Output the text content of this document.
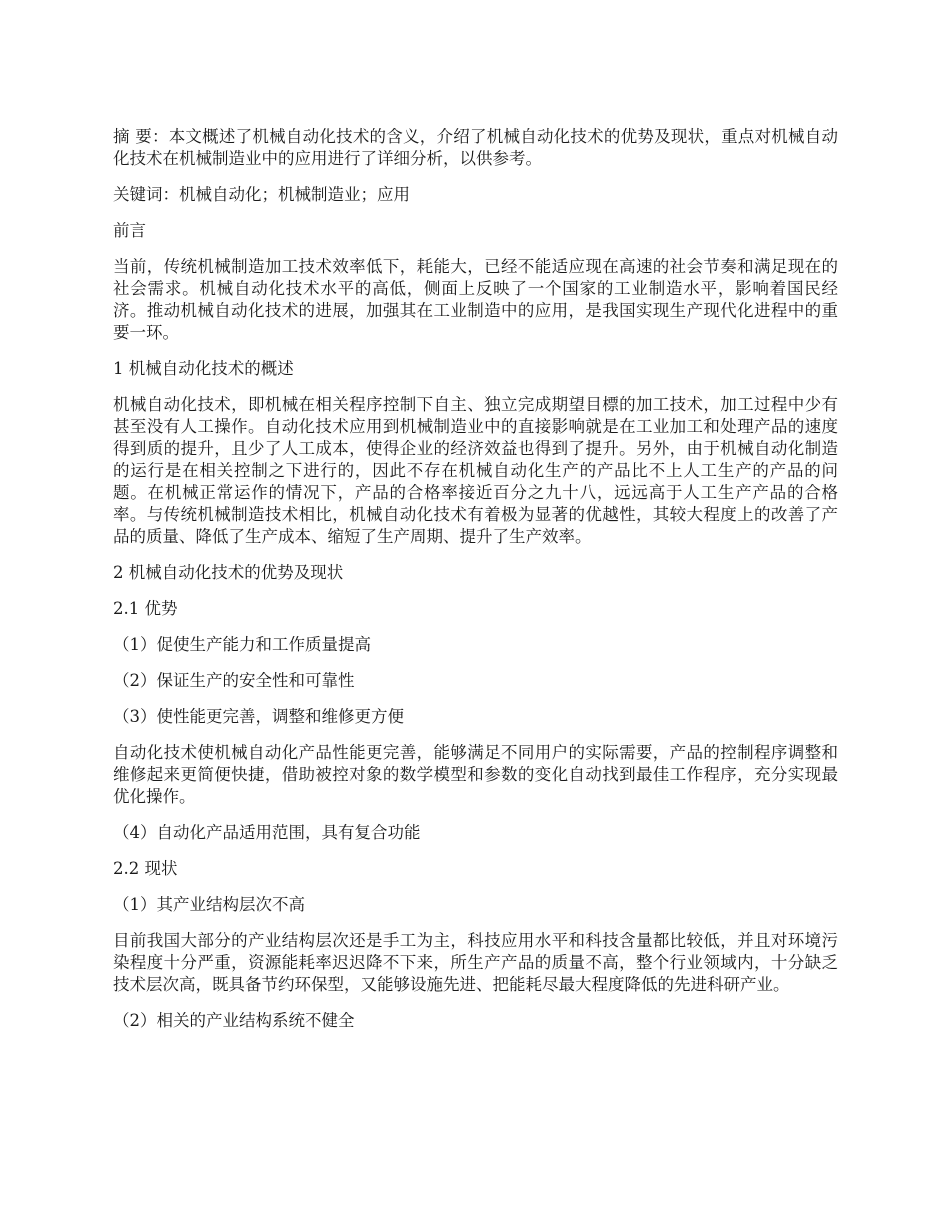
摘 要：本文概述了机械自动化技术的含义，介绍了机械自动化技术的优势及现状，重点对机械自动化技术在机械制造业中的应用进行了详细分析，以供参考。

关键词：机械自动化；机械制造业；应用

前言

当前，传统机械制造加工技术效率低下，耗能大，已经不能适应现在高速的社会节奏和满足现在的社会需求。机械自动化技术水平的高低，侧面上反映了一个国家的工业制造水平，影响着国民经济。推动机械自动化技术的进展，加强其在工业制造中的应用，是我国实现生产现代化进程中的重要一环。

1 机械自动化技术的概述

机械自动化技术，即机械在相关程序控制下自主、独立完成期望目標的加工技术，加工过程中少有甚至没有人工操作。自动化技术应用到机械制造业中的直接影响就是在工业加工和处理产品的速度得到质的提升，且少了人工成本，使得企业的经济效益也得到了提升。另外，由于机械自动化制造的运行是在相关控制之下进行的，因此不存在机械自动化生产的产品比不上人工生产的产品的问题。在机械正常运作的情况下，产品的合格率接近百分之九十八，远远高于人工生产产品的合格率。与传统机械制造技术相比，机械自动化技术有着极为显著的优越性，其较大程度上的改善了产品的质量、降低了生产成本、缩短了生产周期、提升了生产效率。

2 机械自动化技术的优势及现状

2.1 优势

（1）促使生产能力和工作质量提高

（2）保证生产的安全性和可靠性

（3）使性能更完善，调整和维修更方便

自动化技术使机械自动化产品性能更完善，能够满足不同用户的实际需要，产品的控制程序调整和维修起来更简便快捷，借助被控对象的数学模型和参数的变化自动找到最佳工作程序，充分实现最优化操作。

（4）自动化产品适用范围，具有复合功能

2.2 现状

（1）其产业结构层次不高

目前我国大部分的产业结构层次还是手工为主，科技应用水平和科技含量都比较低，并且对环境污染程度十分严重，资源能耗率迟迟降不下来，所生产产品的质量不高，整个行业领域内，十分缺乏技术层次高，既具备节约环保型，又能够设施先进、把能耗尽最大程度降低的先进科研产业。

（2）相关的产业结构系统不健全
